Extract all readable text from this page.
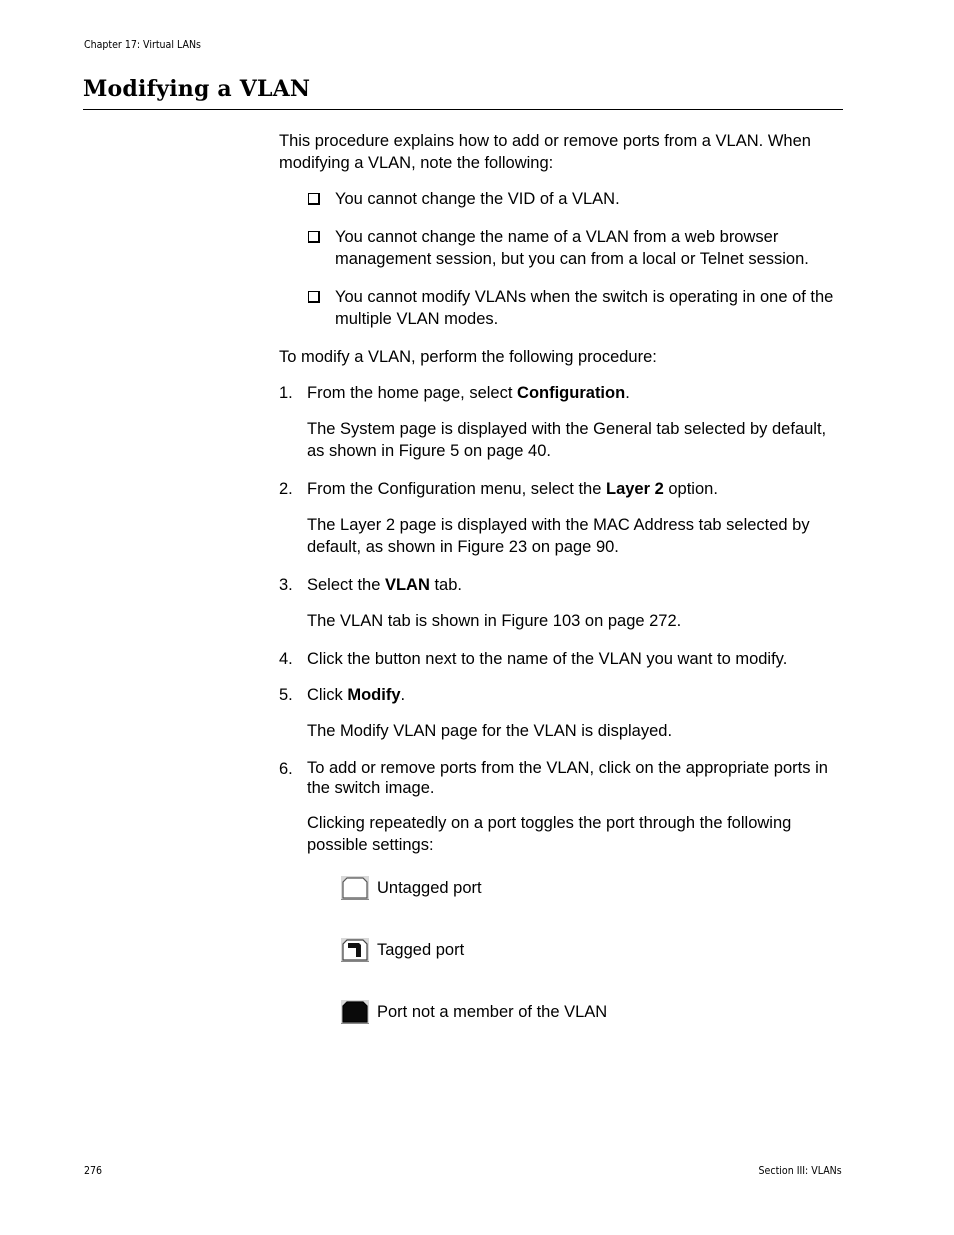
Chapter 17: Virtual LANs
Modifying a VLAN

This procedure explains how to add or remove ports from a VLAN. When modifying a VLAN, note the following:

You cannot change the VID of a VLAN.
You cannot change the name of a VLAN from a web browser management session, but you can from a local or Telnet session.
You cannot modify VLANs when the switch is operating in one of the multiple VLAN modes.

To modify a VLAN, perform the following procedure:

1. From the home page, select Configuration.

The System page is displayed with the General tab selected by default, as shown in Figure 5 on page 40.

2. From the Configuration menu, select the Layer 2 option.

The Layer 2 page is displayed with the MAC Address tab selected by default, as shown in Figure 23 on page 90.

3. Select the VLAN tab.

The VLAN tab is shown in Figure 103 on page 272.

4. Click the button next to the name of the VLAN you want to modify.

5. Click Modify.

The Modify VLAN page for the VLAN is displayed.

6. To add or remove ports from the VLAN, click on the appropriate ports in the switch image.

Clicking repeatedly on a port toggles the port through the following possible settings:

Untagged port
Tagged port
Port not a member of the VLAN
276	Section III: VLANs
